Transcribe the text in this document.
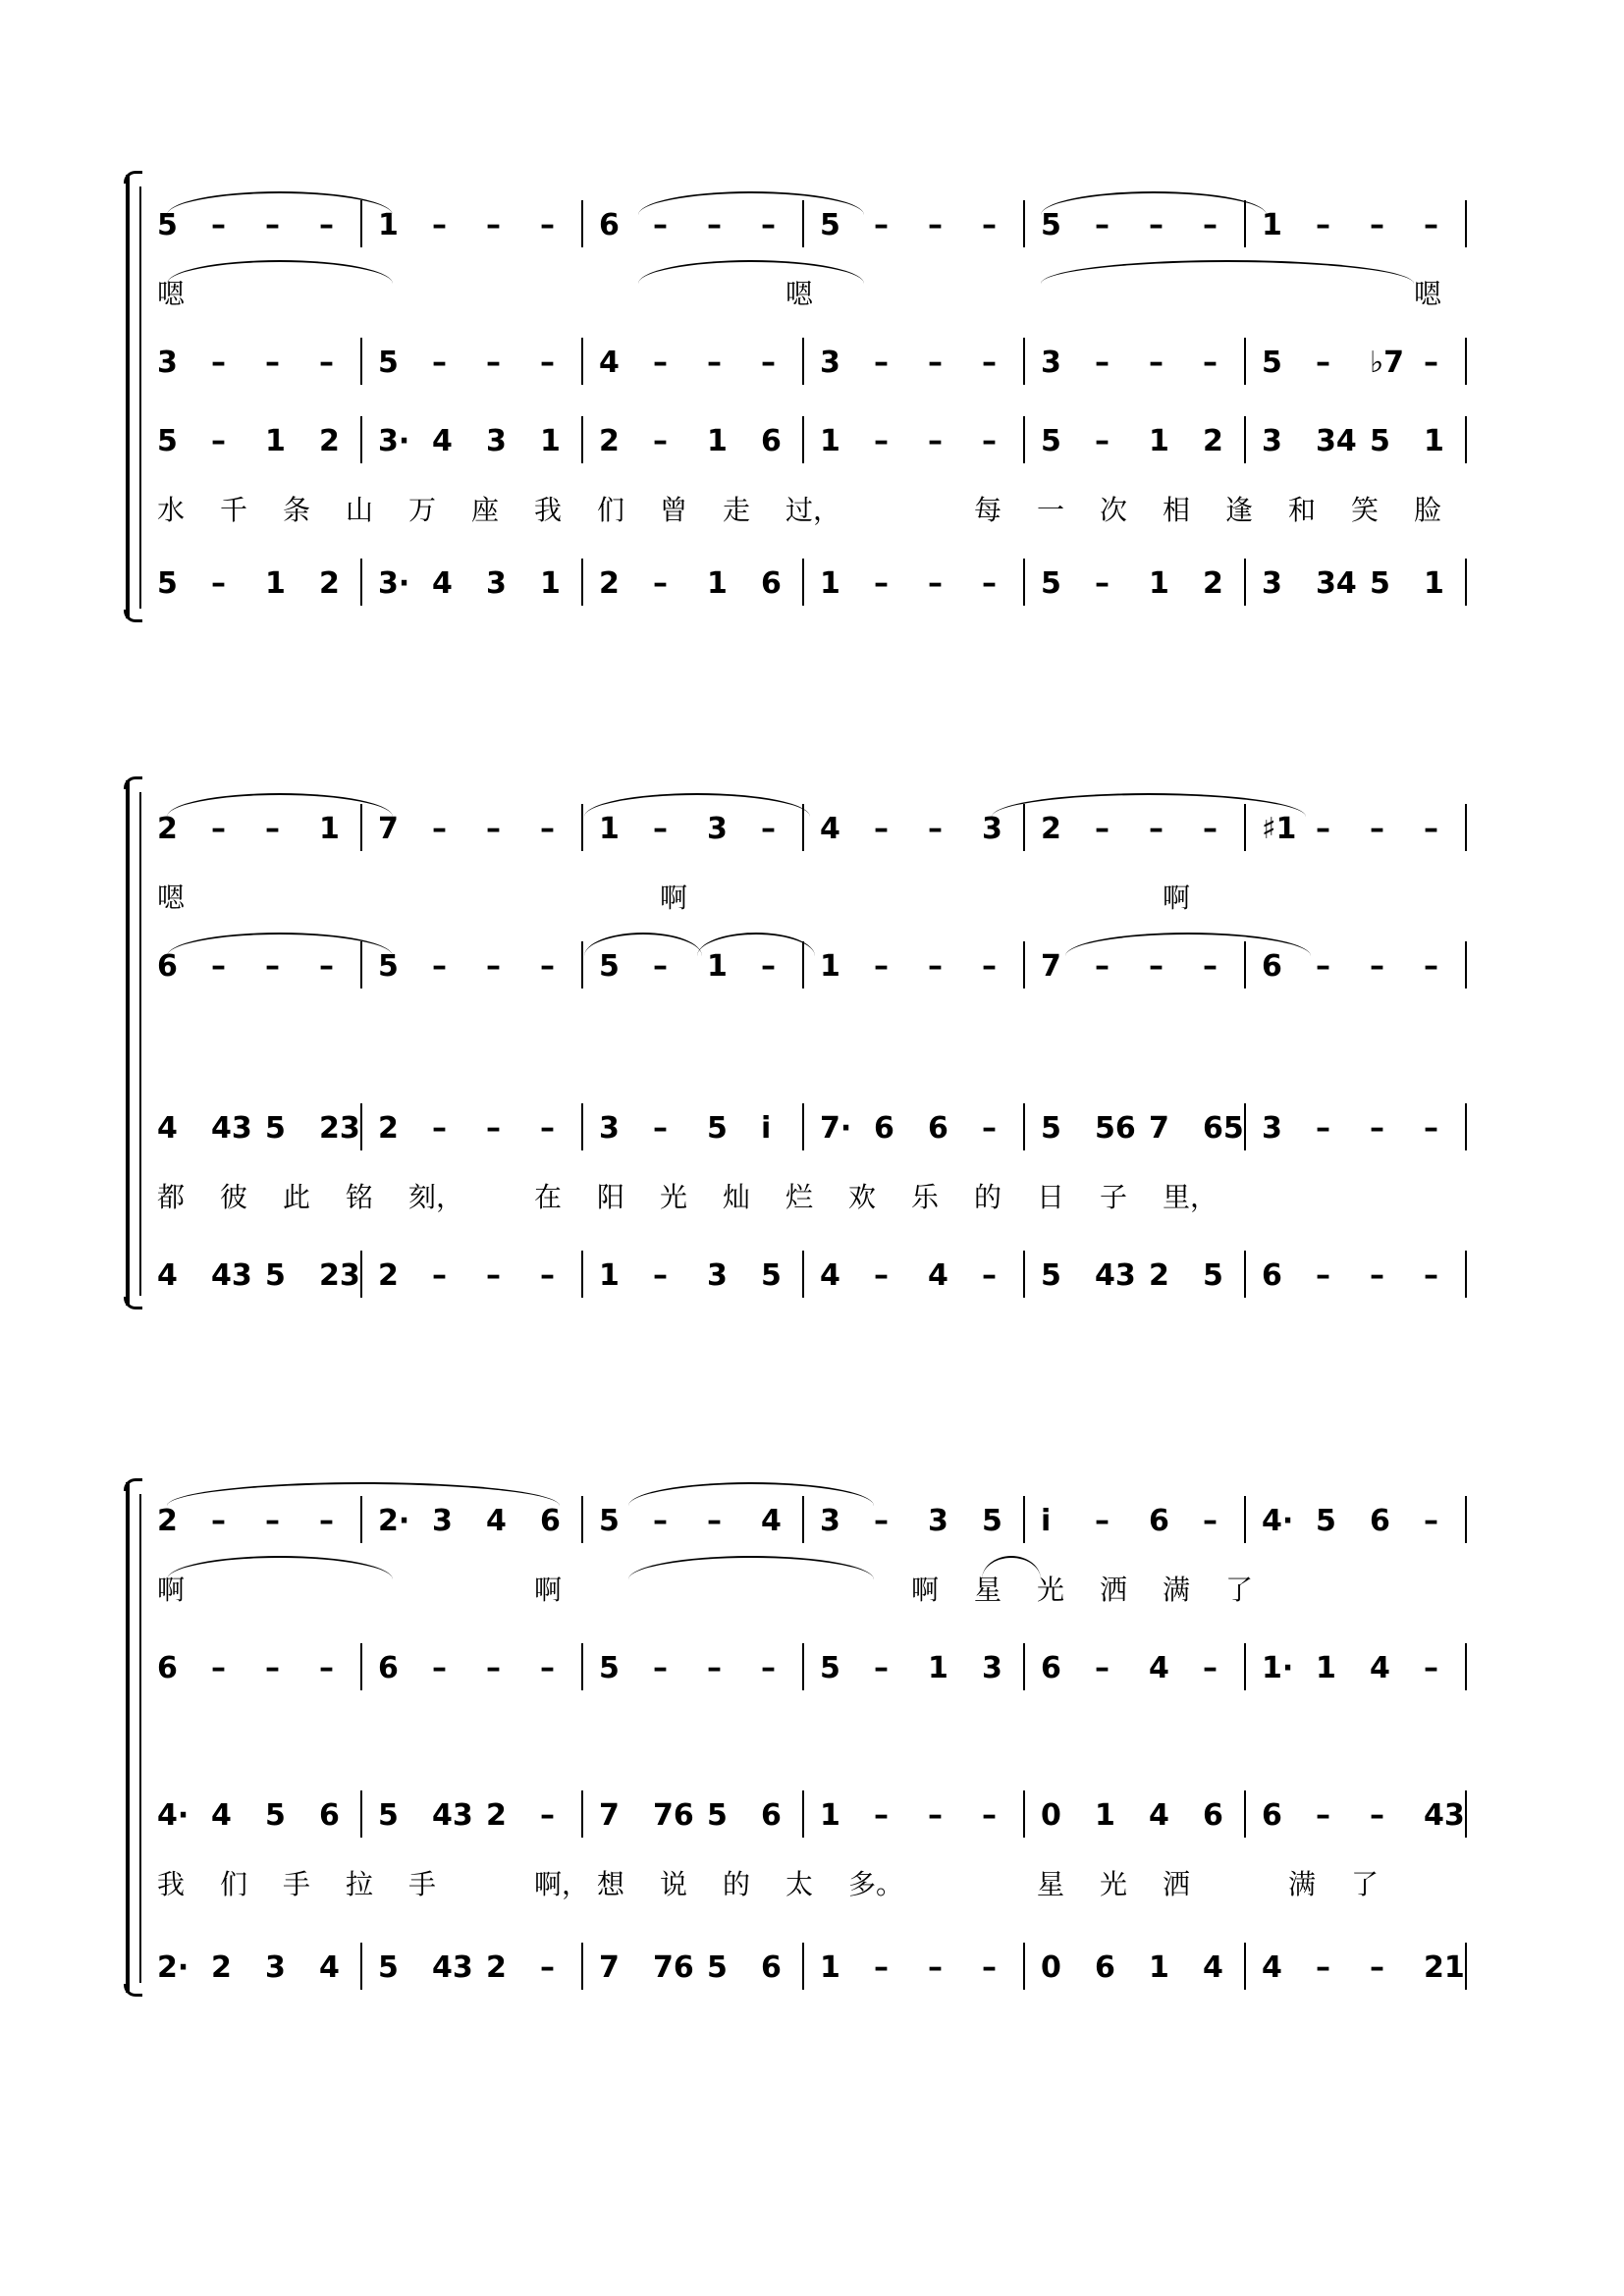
5 – – – 1 – – – 6 – – – 5 – – – 5 – – – 1 – – –
嗯	嗯	嗯
3 – – – 5 – – – 4 – – – 3 – – – 3 – – – 5 – ♭7 –
5 – 1 2 3· 4 3 1 2 – 1 6 1 – – – 5 – 1 2 3 34 5 1
水 千 条 山 万 座 我 们 曾 走 过，	每 一 次 相 逢 和 笑 脸
5 – 1 2 3· 4 3 1 2 – 1 6 1 – – – 5 – 1 2 3 34 5 1
2 – – 1 7 – – – 1 – 3 – 4 – – 3 2 – – – ♯1 – – –
嗯	啊	啊
6 – – – 5 – – – 5 – 1 – 1 – – – 7 – – – 6 – – –
4 43 5 23 2 – – – 3 – 5 i 7· 6 6 – 5 56 7 65 3 – – –
都 彼 此 铭 刻，	在 阳 光 灿 烂 欢 乐 的 日 子 里，
4 43 5 23 2 – – – 1 – 3 5 4 – 4 – 5 43 2 5 6 – – –
2 – – – 2· 3 4 6 5 – – 4 3 – 3 5 i – 6 – 4· 5 6 –
啊	啊	啊 星 光 洒 满 了
6 – – – 6 – – – 5 – – – 5 – 1 3 6 – 4 – 1· 1 4 –
4· 4 5 6 5 43 2 – 7 76 5 6 1 – – – 0 1 4 6 6 – – 43
我 们 手 拉 手	啊， 想 说 的 太 多。	星 光 洒	满 了
2· 2 3 4 5 43 2 – 7 76 5 6 1 – – – 0 6 1 4 4 – – 21
